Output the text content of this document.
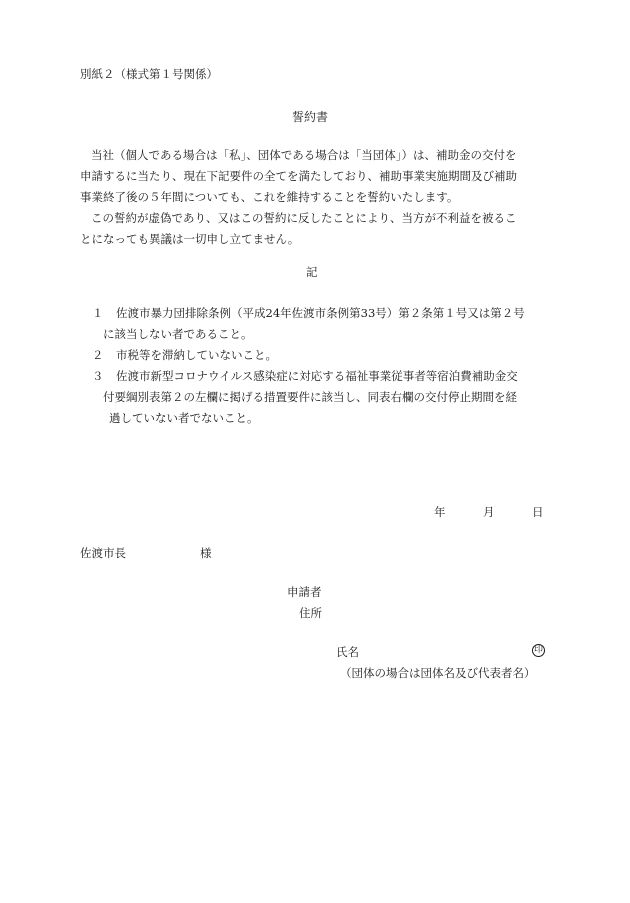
別紙２（様式第１号関係）
誓約書
当社（個人である場合は「私」、団体である場合は「当団体」）は、補助金の交付を
申請するに当たり、現在下記要件の全てを満たしており、補助事業実施期間及び補助
事業終了後の５年間についても、これを維持することを誓約いたします。
この誓約が虚偽であり、又はこの誓約に反したことにより、当方が不利益を被るこ
とになっても異議は一切申し立てません。
記
１	佐渡市暴力団排除条例（平成24年佐渡市条例第33号）第２条第１号又は第２号
に該当しない者であること。
２	市税等を滞納していないこと。
３	佐渡市新型コロナウイルス感染症に対応する福祉事業従事者等宿泊費補助金交
付要綱別表第２の左欄に掲げる措置要件に該当し、同表右欄の交付停止期間を経
過していない者でないこと。
年	月	日
佐渡市長	様
申請者
住所
氏名	印
（団体の場合は団体名及び代表者名）
